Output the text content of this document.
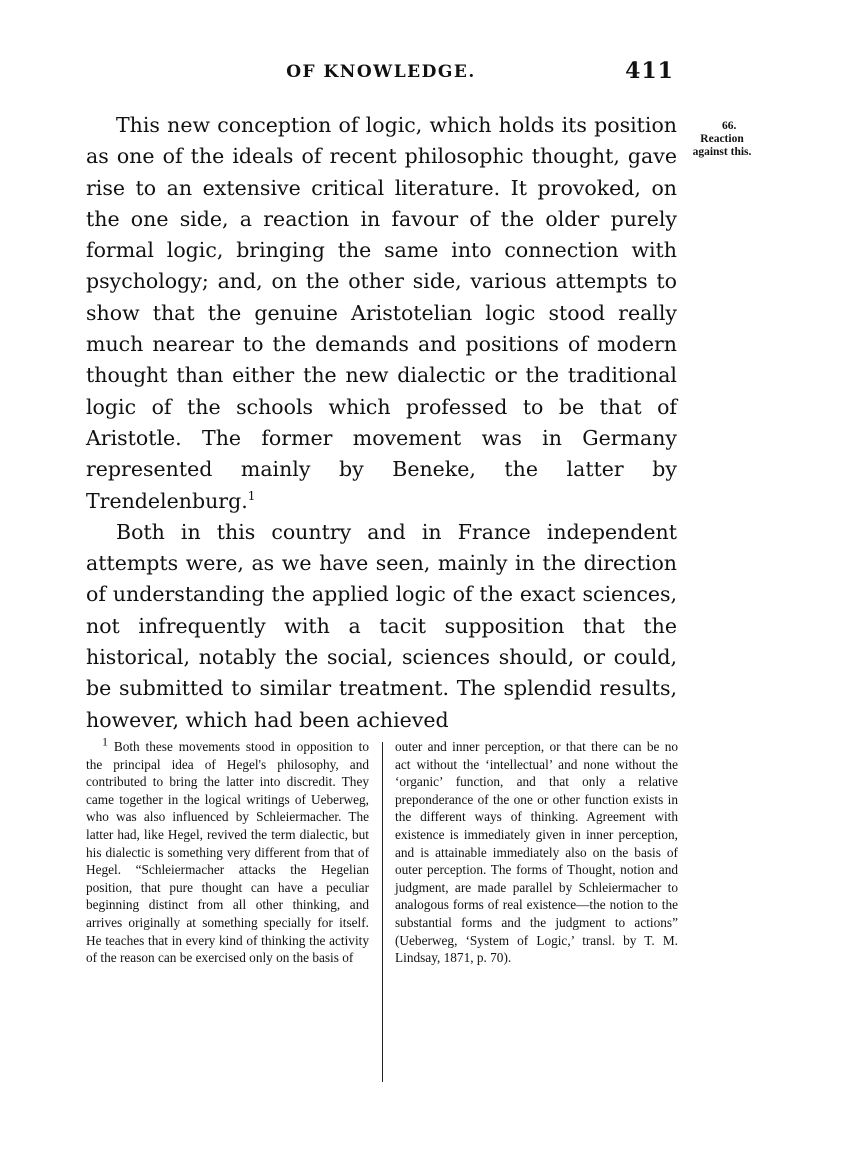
OF KNOWLEDGE.	411
66.
Reaction
against this.

This new conception of logic, which holds its position as one of the ideals of recent philosophic thought, gave rise to an extensive critical literature. It provoked, on the one side, a reaction in favour of the older purely formal logic, bringing the same into connection with psychology; and, on the other side, various attempts to show that the genuine Aristotelian logic stood really much nearear to the demands and positions of modern thought than either the new dialectic or the traditional logic of the schools which professed to be that of Aristotle. The former movement was in Germany represented mainly by Beneke, the latter by Trendelenburg.$^1$

Both in this country and in France independent attempts were, as we have seen, mainly in the direction of understanding the applied logic of the exact sciences, not infrequently with a tacit supposition that the historical, notably the social, sciences should, or could, be submitted to similar treatment. The splendid results, however, which had been achieved

$^1$ Both these movements stood in opposition to the principal idea of Hegel's philosophy, and contributed to bring the latter into discredit. They came together in the logical writings of Ueberweg, who was also influenced by Schleiermacher. The latter had, like Hegel, revived the term dialectic, but his dialectic is something very different from that of Hegel. “Schleiermacher attacks the Hegelian position, that pure thought can have a peculiar beginning distinct from all other thinking, and arrives originally at something specially for itself. He teaches that in every kind of thinking the activity of the reason can be exercised only on the basis of

outer and inner perception, or that there can be no act without the ‘intellectual’ and none without the ‘organic’ function, and that only a relative preponderance of the one or other function exists in the different ways of thinking. Agreement with existence is immediately given in inner perception, and is attainable immediately also on the basis of outer perception. The forms of Thought, notion and judgment, are made parallel by Schleiermacher to analogous forms of real existence—the notion to the substantial forms and the judgment to actions” (Ueberweg, ‘System of Logic,’ transl. by T. M. Lindsay, 1871, p. 70).
